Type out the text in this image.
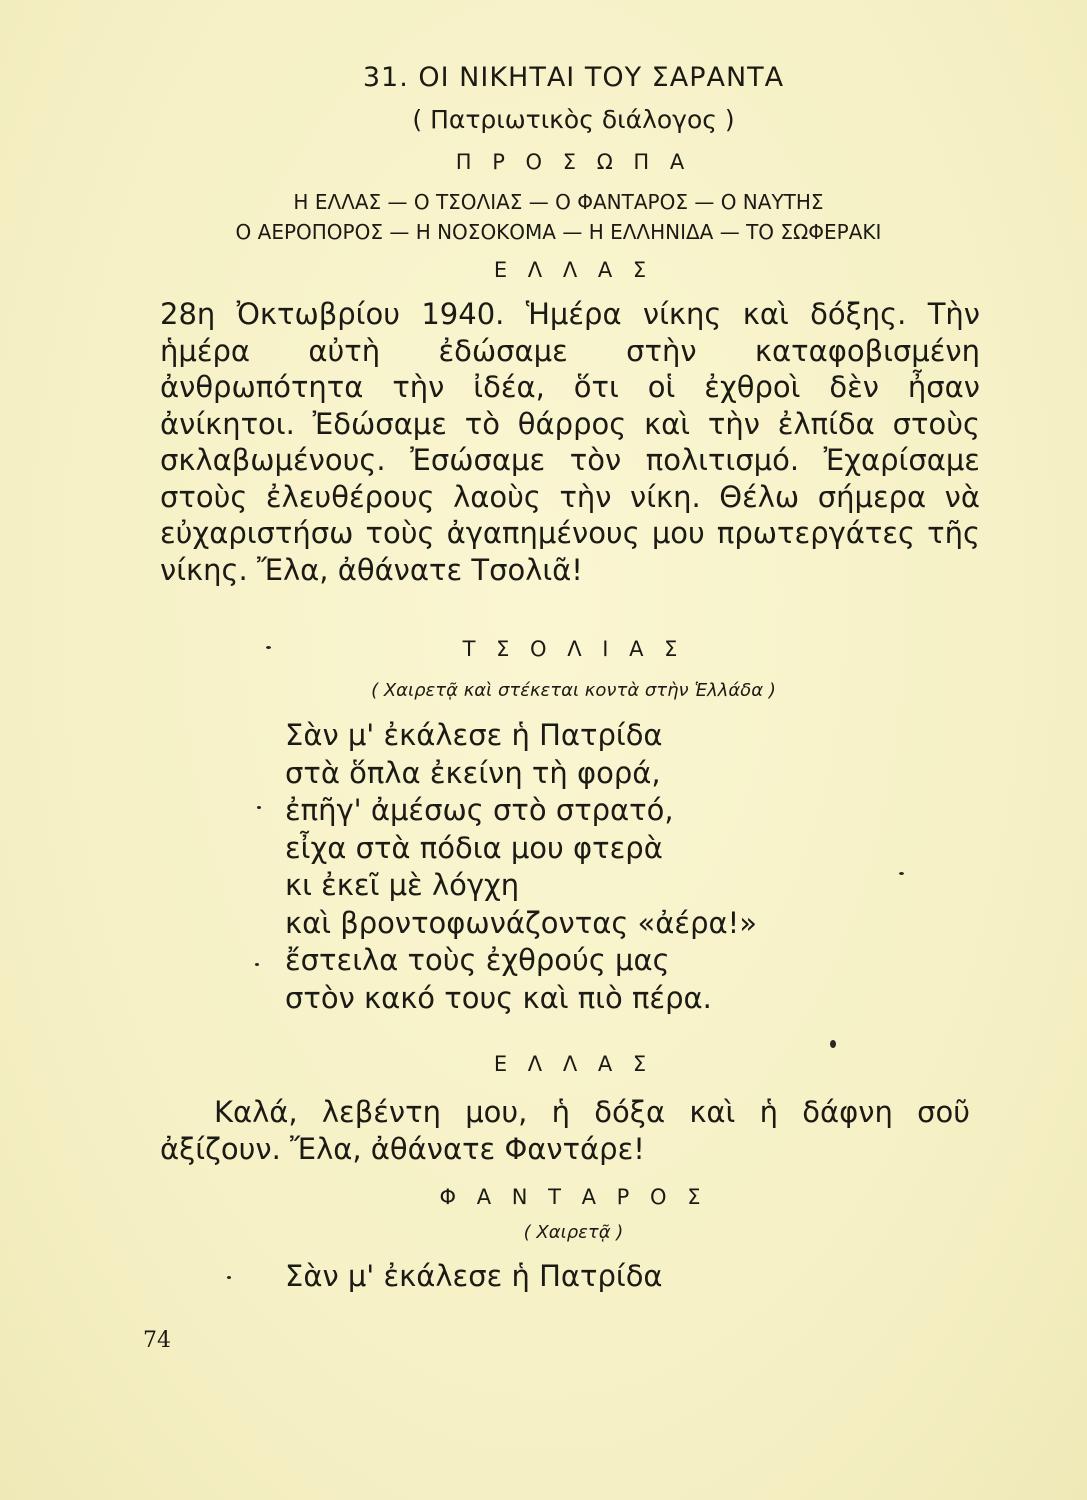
31. ΟΙ ΝΙΚΗΤΑΙ ΤΟΥ ΣΑΡΑΝΤΑ
( Πατριωτικὸς διάλογος )
Π Ρ Ο Σ Ω Π Α
Η ΕΛΛΑΣ — Ο ΤΣΟΛΙΑΣ — Ο ΦΑΝΤΑΡΟΣ — Ο ΝΑΥΤΗΣ
Ο ΑΕΡΟΠΟΡΟΣ — Η ΝΟΣΟΚΟΜΑ — Η ΕΛΛΗΝΙΔΑ — ΤΟ ΣΩΦΕΡΑΚΙ
Ε Λ Λ Α Σ
28η Ὀκτωβρίου 1940. Ἡμέρα νίκης καὶ δόξης. Τὴν ἡμέρα αὐτὴ ἐδώσαμε στὴν καταφοβισμένη ἀνθρωπότητα τὴν ἰδέα, ὅτι οἱ ἐχθροὶ δὲν ἦσαν ἀνίκητοι. Ἐδώσαμε τὸ θάρρος καὶ τὴν ἐλπίδα στοὺς σκλαβωμένους. Ἐσώσαμε τὸν πολιτισμό. Ἐχαρίσαμε στοὺς ἐλευθέρους λαοὺς τὴν νίκη. Θέλω σήμερα νὰ εὐχαριστήσω τοὺς ἀγαπημένους μου πρωτεργάτες τῆς νίκης. Ἔλα, ἀθάνατε Τσολιᾶ!
Τ Σ Ο Λ Ι Α Σ
( Χαιρετᾷ καὶ στέκεται κοντὰ στὴν Ἑλλάδα )
Σὰν μ' ἐκάλεσε ἡ Πατρίδα
στὰ ὅπλα ἐκείνη τὴ φορά,
ἐπῆγ' ἀμέσως στὸ στρατό,
εἶχα στὰ πόδια μου φτερὰ
κι ἐκεῖ μὲ λόγχη
καὶ βροντοφωνάζοντας «ἀέρα!»
ἔστειλα τοὺς ἐχθρούς μας
στὸν κακό τους καὶ πιὸ πέρα.
Ε Λ Λ Α Σ
Καλά, λεβέντη μου, ἡ δόξα καὶ ἡ δάφνη σοῦ ἀξίζουν. Ἔλα, ἀθάνατε Φαντάρε!
Φ Α Ν Τ Α Ρ Ο Σ
( Χαιρετᾷ )
Σὰν μ' ἐκάλεσε ἡ Πατρίδα
74
